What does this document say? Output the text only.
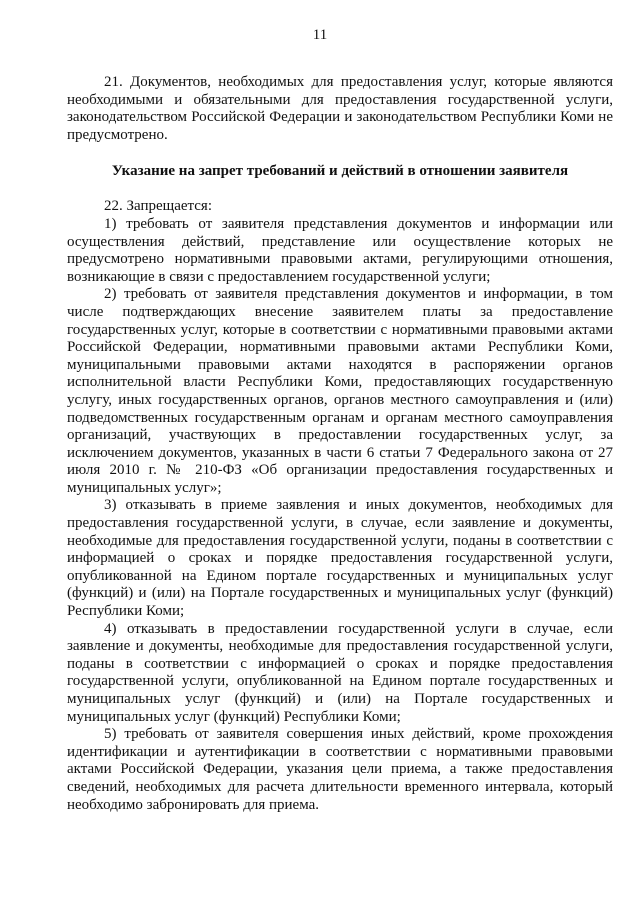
11

21. Документов, необходимых для предоставления услуг, которые являются необходимыми и обязательными для предоставления государственной услуги, законодательством Российской Федерации и законодательством Республики Коми не предусмотрено.

Указание на запрет требований и действий в отношении заявителя

22. Запрещается:

1) требовать от заявителя представления документов и информации или осуществления действий, представление или осуществление которых не предусмотрено нормативными правовыми актами, регулирующими отношения, возникающие в связи с предоставлением государственной услуги;

2) требовать от заявителя представления документов и информации, в том числе подтверждающих внесение заявителем платы за предоставление государственных услуг, которые в соответствии с нормативными правовыми актами Российской Федерации, нормативными правовыми актами Республики Коми, муниципальными правовыми актами находятся в распоряжении органов исполнительной власти Республики Коми, предоставляющих государственную услугу, иных государственных органов, органов местного самоуправления и (или) подведомственных государственным органам и органам местного самоуправления организаций, участвующих в предоставлении государственных услуг, за исключением документов, указанных в части 6 статьи 7 Федерального закона от 27 июля 2010 г. № 210-ФЗ «Об организации предоставления государственных и муниципальных услуг»;

3) отказывать в приеме заявления и иных документов, необходимых для предоставления государственной услуги, в случае, если заявление и документы, необходимые для предоставления государственной услуги, поданы в соответствии с информацией о сроках и порядке предоставления государственной услуги, опубликованной на Едином портале государственных и муниципальных услуг (функций) и (или) на Портале государственных и муниципальных услуг (функций) Республики Коми;

4) отказывать в предоставлении государственной услуги в случае, если заявление и документы, необходимые для предоставления государственной услуги, поданы в соответствии с информацией о сроках и порядке предоставления государственной услуги, опубликованной на Едином портале государственных и муниципальных услуг (функций) и (или) на Портале государственных и муниципальных услуг (функций) Республики Коми;

5) требовать от заявителя совершения иных действий, кроме прохождения идентификации и аутентификации в соответствии с нормативными правовыми актами Российской Федерации, указания цели приема, а также предоставления сведений, необходимых для расчета длительности временного интервала, который необходимо забронировать для приема.
